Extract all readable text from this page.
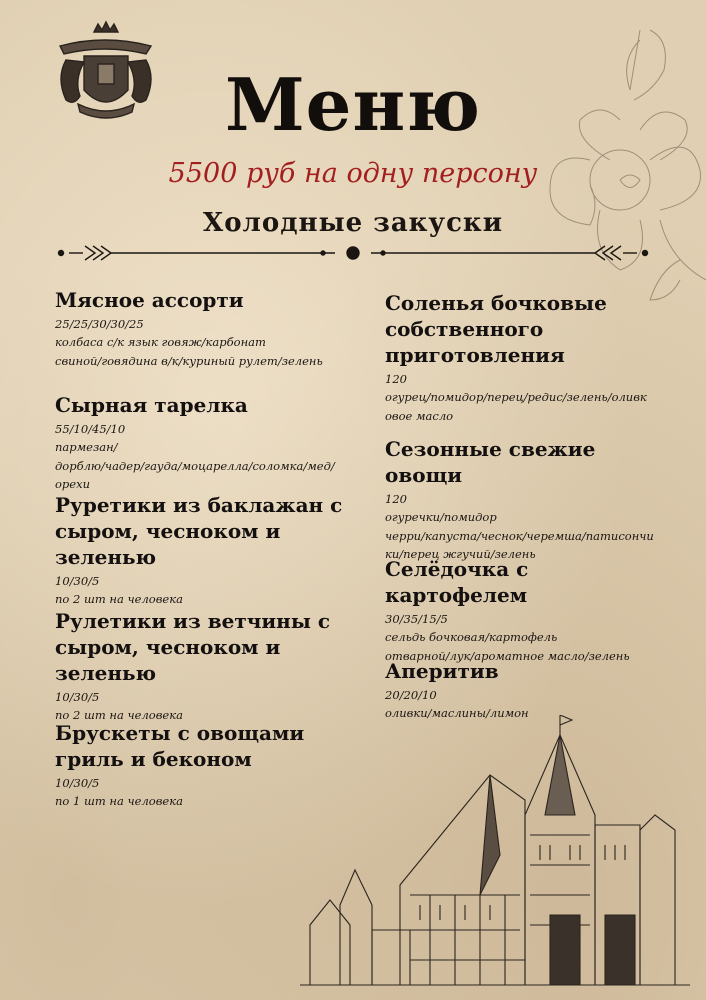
Меню
5500 руб на одну персону
Холодные закуски
Мясное ассорти
25/25/30/30/25
колбаса с/к язык говяж/карбонат
свиной/говядина в/к/куриный рулет/зелень
Сырная тарелка
55/10/45/10
пармезан/
дорблю/чадер/гауда/моцарелла/соломка/мед/
орехи
Руретики из баклажан с сыром, чесноком и зеленью
10/30/5
по 2 шт на человека
Рулетики из ветчины с сыром, чесноком и зеленью
10/30/5
по 2 шт на человека
Брускеты с овощами гриль и беконом
10/30/5
по 1 шт на человека
Соленья бочковые собственного приготовления
120
огурец/помидор/перец/редис/зелень/оливк
овое масло
Сезонные свежие овощи
120
огуречки/помидор
черри/капуста/чеснок/черемша/патисончи
ки/перец жгучий/зелень
Селёдочка с картофелем
30/35/15/5
сельдь бочковая/картофель
отварной/лук/ароматное масло/зелень
Аперитив
20/20/10
оливки/маслины/лимон
